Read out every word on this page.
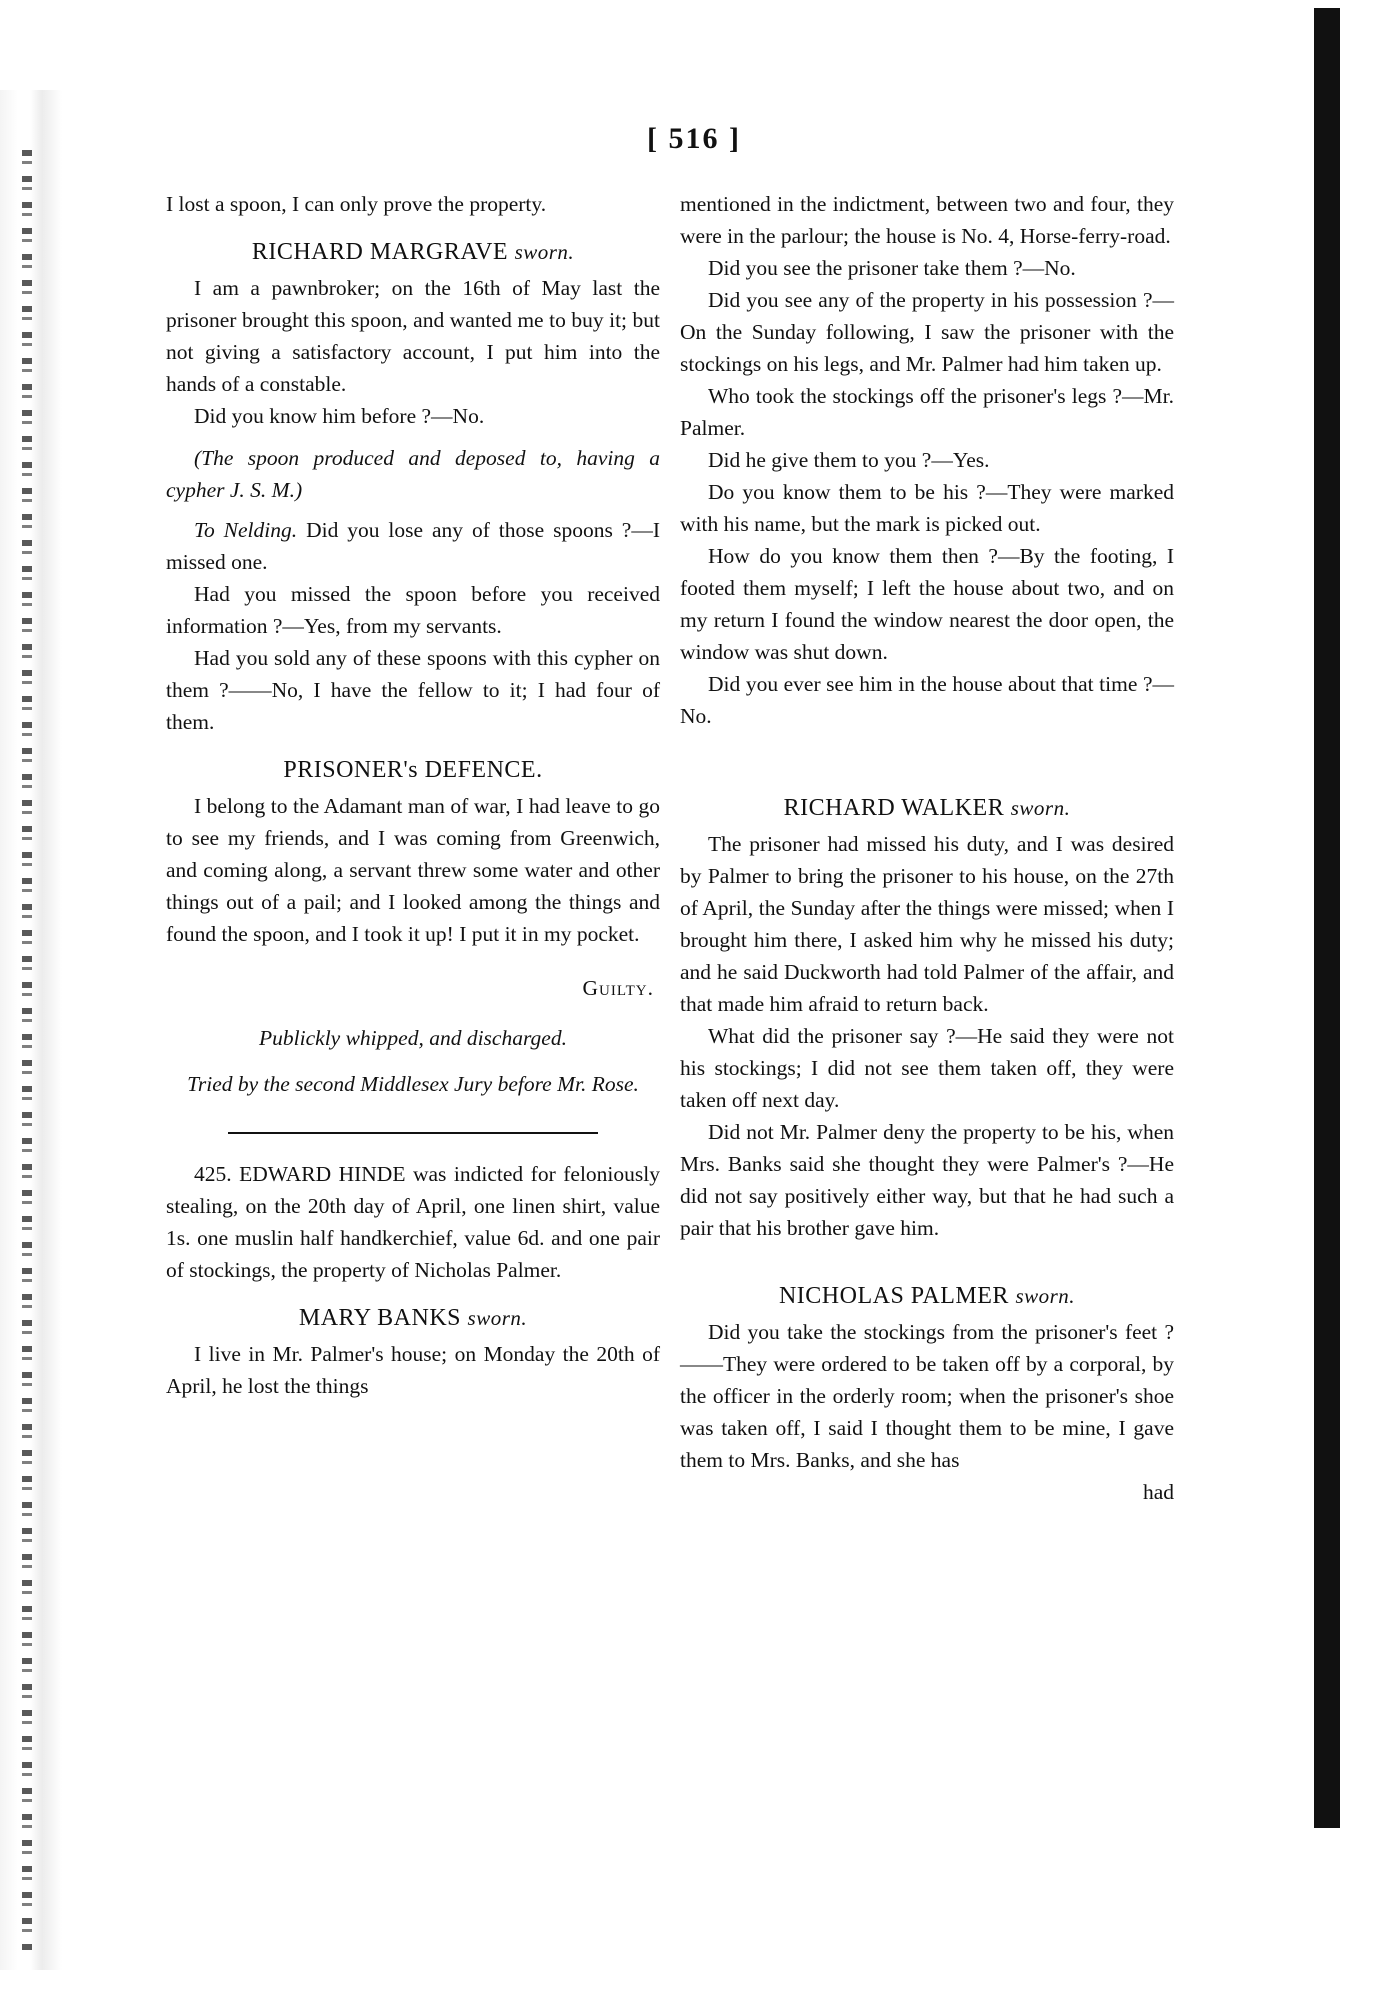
[ 516 ]

I lost a spoon, I can only prove the property.

RICHARD MARGRAVE sworn.

I am a pawnbroker; on the 16th of May last the prisoner brought this spoon, and wanted me to buy it; but not giving a satisfactory account, I put him into the hands of a constable.

Did you know him before ?—No.

(The spoon produced and deposed to, having a cypher J. S. M.)

To Nelding. Did you lose any of those spoons ?—I missed one.

Had you missed the spoon before you received information ?—Yes, from my servants.

Had you sold any of these spoons with this cypher on them ?——No, I have the fellow to it; I had four of them.

PRISONER's DEFENCE.

I belong to the Adamant man of war, I had leave to go to see my friends, and I was coming from Greenwich, and coming along, a servant threw some water and other things out of a pail; and I looked among the things and found the spoon, and I took it up! I put it in my pocket.

Guilty.

Publickly whipped, and discharged.

Tried by the second Middlesex Jury before Mr. Rose.

425. EDWARD HINDE was indicted for feloniously stealing, on the 20th day of April, one linen shirt, value 1s. one muslin half handkerchief, value 6d. and one pair of stockings, the property of Nicholas Palmer.

MARY BANKS sworn.

I live in Mr. Palmer's house; on Monday the 20th of April, he lost the things

mentioned in the indictment, between two and four, they were in the parlour; the house is No. 4, Horse-ferry-road.

Did you see the prisoner take them ?—No.

Did you see any of the property in his possession ?—On the Sunday following, I saw the prisoner with the stockings on his legs, and Mr. Palmer had him taken up.

Who took the stockings off the prisoner's legs ?—Mr. Palmer.

Did he give them to you ?—Yes.

Do you know them to be his ?—They were marked with his name, but the mark is picked out.

How do you know them then ?—By the footing, I footed them myself; I left the house about two, and on my return I found the window nearest the door open, the window was shut down.

Did you ever see him in the house about that time ?—No.

RICHARD WALKER sworn.

The prisoner had missed his duty, and I was desired by Palmer to bring the prisoner to his house, on the 27th of April, the Sunday after the things were missed; when I brought him there, I asked him why he missed his duty; and he said Duckworth had told Palmer of the affair, and that made him afraid to return back.

What did the prisoner say ?—He said they were not his stockings; I did not see them taken off, they were taken off next day.

Did not Mr. Palmer deny the property to be his, when Mrs. Banks said she thought they were Palmer's ?—He did not say positively either way, but that he had such a pair that his brother gave him.

NICHOLAS PALMER sworn.

Did you take the stockings from the prisoner's feet ?——They were ordered to be taken off by a corporal, by the officer in the orderly room; when the prisoner's shoe was taken off, I said I thought them to be mine, I gave them to Mrs. Banks, and she has

had
